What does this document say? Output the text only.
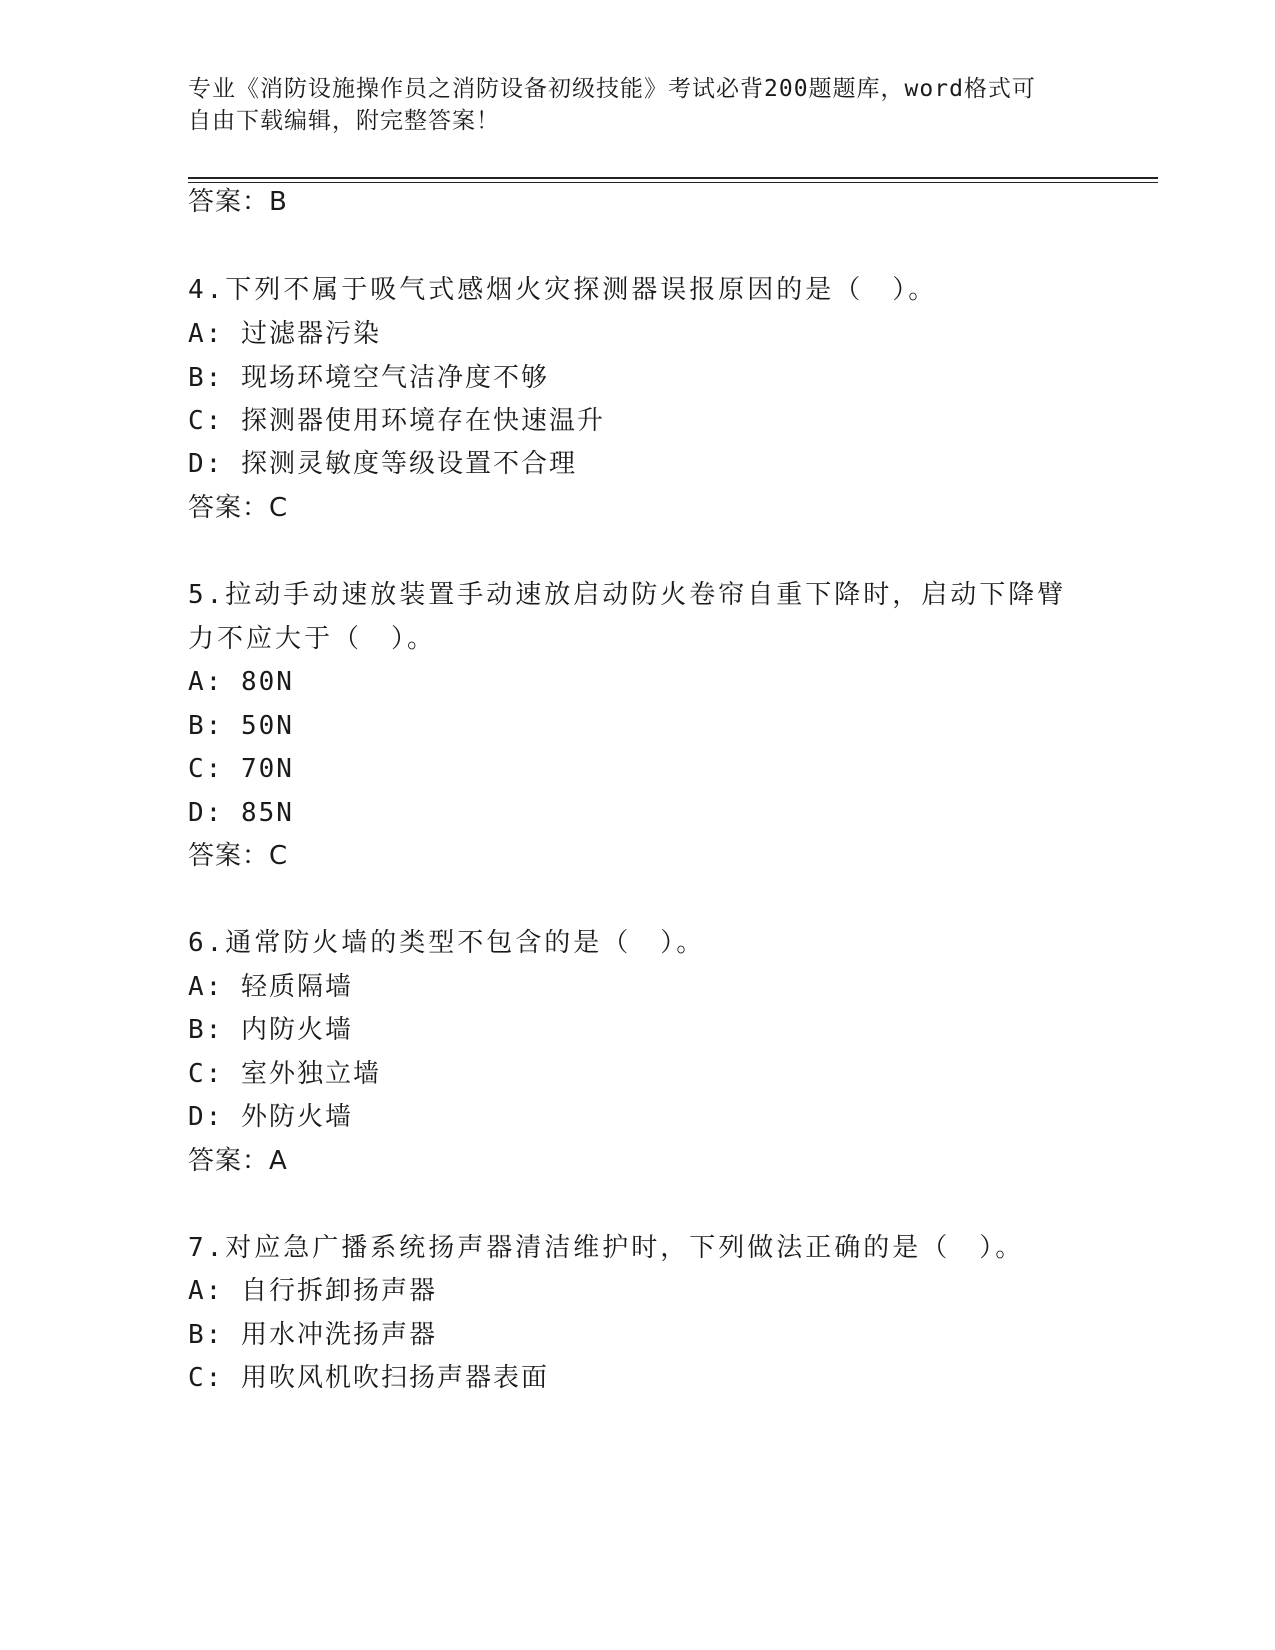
专业《消防设施操作员之消防设备初级技能》考试必背200题题库，word格式可
自由下载编辑，附完整答案！
答案：B
4.下列不属于吸气式感烟火灾探测器误报原因的是（　）。
A: 过滤器污染
B: 现场环境空气洁净度不够
C: 探测器使用环境存在快速温升
D: 探测灵敏度等级设置不合理
答案：C
5.拉动手动速放装置手动速放启动防火卷帘自重下降时，启动下降臂
力不应大于（　）。
A: 80N
B: 50N
C: 70N
D: 85N
答案：C
6.通常防火墙的类型不包含的是（　）。
A: 轻质隔墙
B: 内防火墙
C: 室外独立墙
D: 外防火墙
答案：A
7.对应急广播系统扬声器清洁维护时，下列做法正确的是（　）。
A: 自行拆卸扬声器
B: 用水冲洗扬声器
C: 用吹风机吹扫扬声器表面
